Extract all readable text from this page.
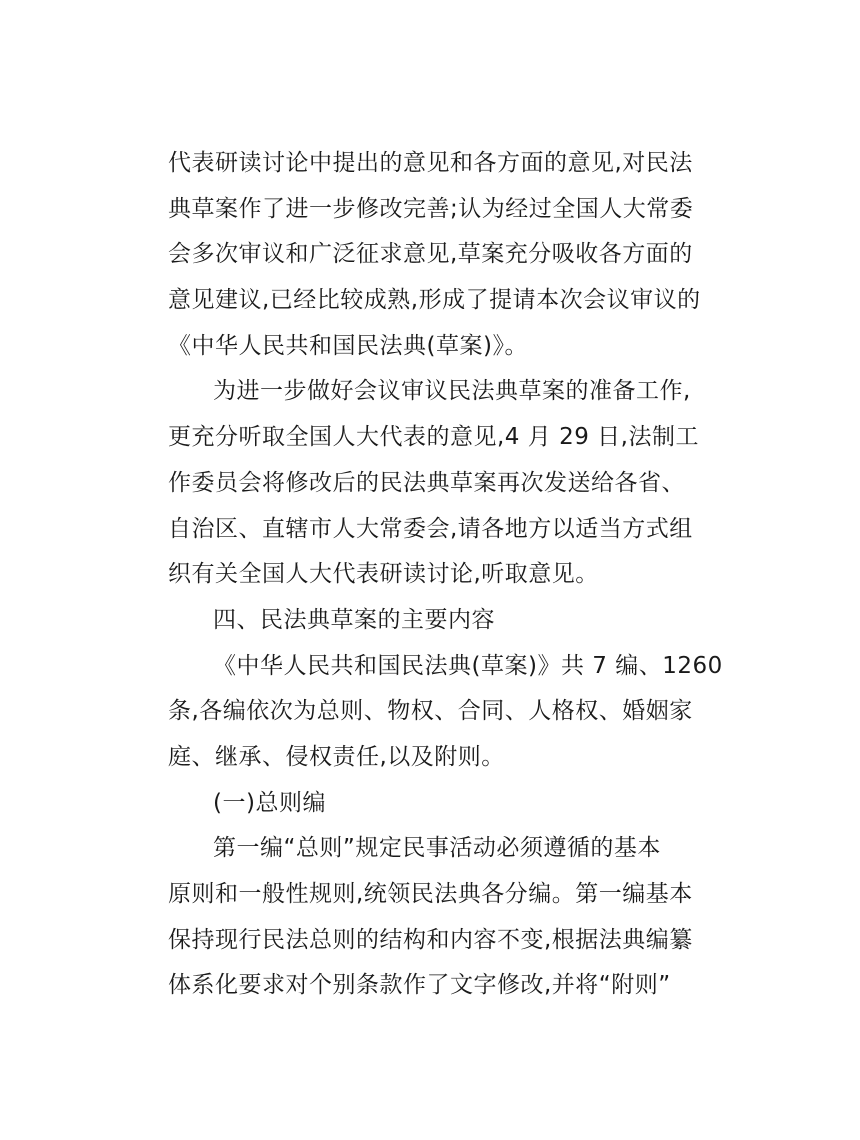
代表研读讨论中提出的意见和各方面的意见,对民法
典草案作了进一步修改完善;认为经过全国人大常委
会多次审议和广泛征求意见,草案充分吸收各方面的
意见建议,已经比较成熟,形成了提请本次会议审议的
《中华人民共和国民法典(草案)》。
为进一步做好会议审议民法典草案的准备工作,
更充分听取全国人大代表的意见,4 月 29 日,法制工
作委员会将修改后的民法典草案再次发送给各省、
自治区、直辖市人大常委会,请各地方以适当方式组
织有关全国人大代表研读讨论,听取意见。
四、民法典草案的主要内容
《中华人民共和国民法典(草案)》共 7 编、1260
条,各编依次为总则、物权、合同、人格权、婚姻家
庭、继承、侵权责任,以及附则。
(一)总则编
第一编“总则”规定民事活动必须遵循的基本
原则和一般性规则,统领民法典各分编。第一编基本
保持现行民法总则的结构和内容不变,根据法典编纂
体系化要求对个别条款作了文字修改,并将“附则”
